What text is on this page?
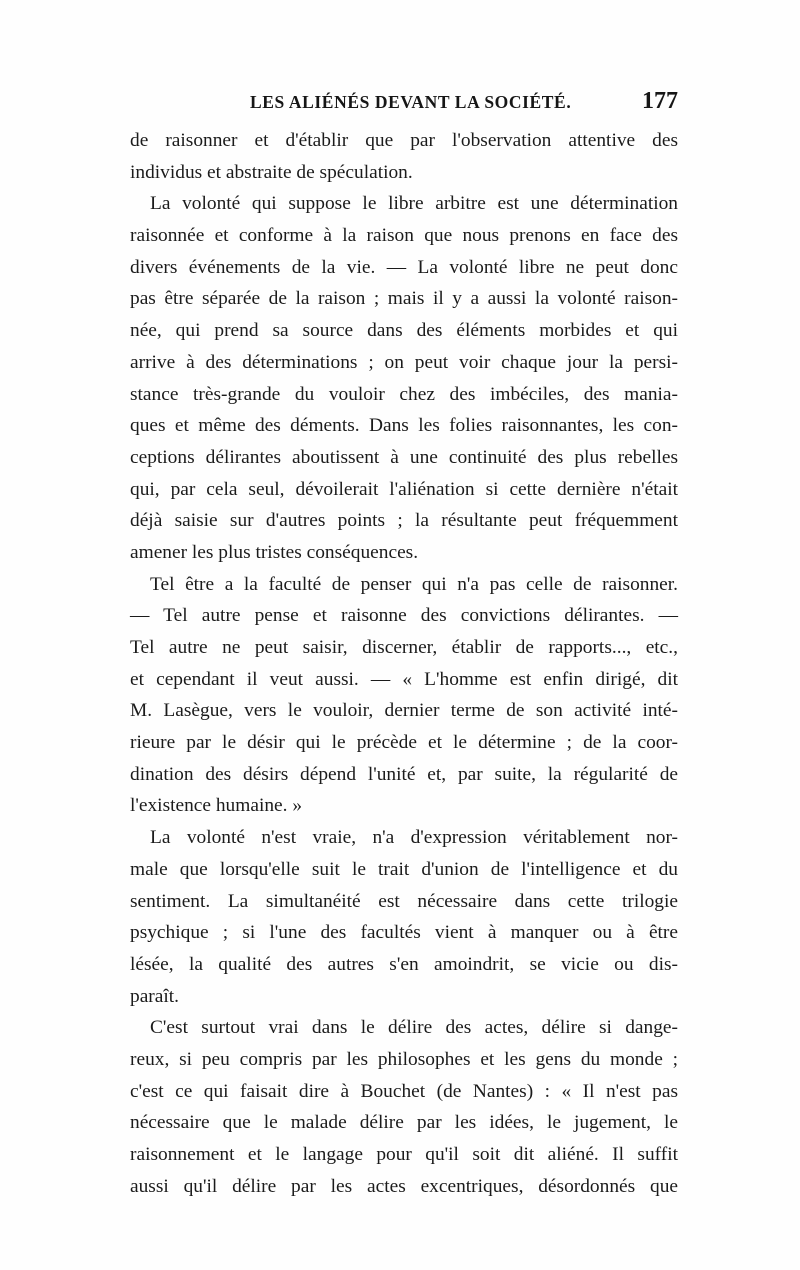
LES ALIÉNÉS DEVANT LA SOCIÉTÉ.	177
de raisonner et d'établir que par l'observation attentive des
individus et abstraite de spéculation.
La volonté qui suppose le libre arbitre est une détermination
raisonnée et conforme à la raison que nous prenons en face des
divers événements de la vie. — La volonté libre ne peut donc
pas être séparée de la raison ; mais il y a aussi la volonté raison-
née, qui prend sa source dans des éléments morbides et qui
arrive à des déterminations ; on peut voir chaque jour la persi-
stance très-grande du vouloir chez des imbéciles, des mania-
ques et même des déments. Dans les folies raisonnantes, les con-
ceptions délirantes aboutissent à une continuité des plus rebelles
qui, par cela seul, dévoilerait l'aliénation si cette dernière n'était
déjà saisie sur d'autres points ; la résultante peut fréquemment
amener les plus tristes conséquences.
Tel être a la faculté de penser qui n'a pas celle de raisonner.
— Tel autre pense et raisonne des convictions délirantes. —
Tel autre ne peut saisir, discerner, établir de rapports..., etc.,
et cependant il veut aussi. — « L'homme est enfin dirigé, dit
M. Lasègue, vers le vouloir, dernier terme de son activité inté-
rieure par le désir qui le précède et le détermine ; de la coor-
dination des désirs dépend l'unité et, par suite, la régularité de
l'existence humaine. »
La volonté n'est vraie, n'a d'expression véritablement nor-
male que lorsqu'elle suit le trait d'union de l'intelligence et du
sentiment. La simultanéité est nécessaire dans cette trilogie
psychique ; si l'une des facultés vient à manquer ou à être
lésée, la qualité des autres s'en amoindrit, se vicie ou dis-
paraît.
C'est surtout vrai dans le délire des actes, délire si dange-
reux, si peu compris par les philosophes et les gens du monde ;
c'est ce qui faisait dire à Bouchet (de Nantes) : « Il n'est pas
nécessaire que le malade délire par les idées, le jugement, le
raisonnement et le langage pour qu'il soit dit aliéné. Il suffit
aussi qu'il délire par les actes excentriques, désordonnés que
